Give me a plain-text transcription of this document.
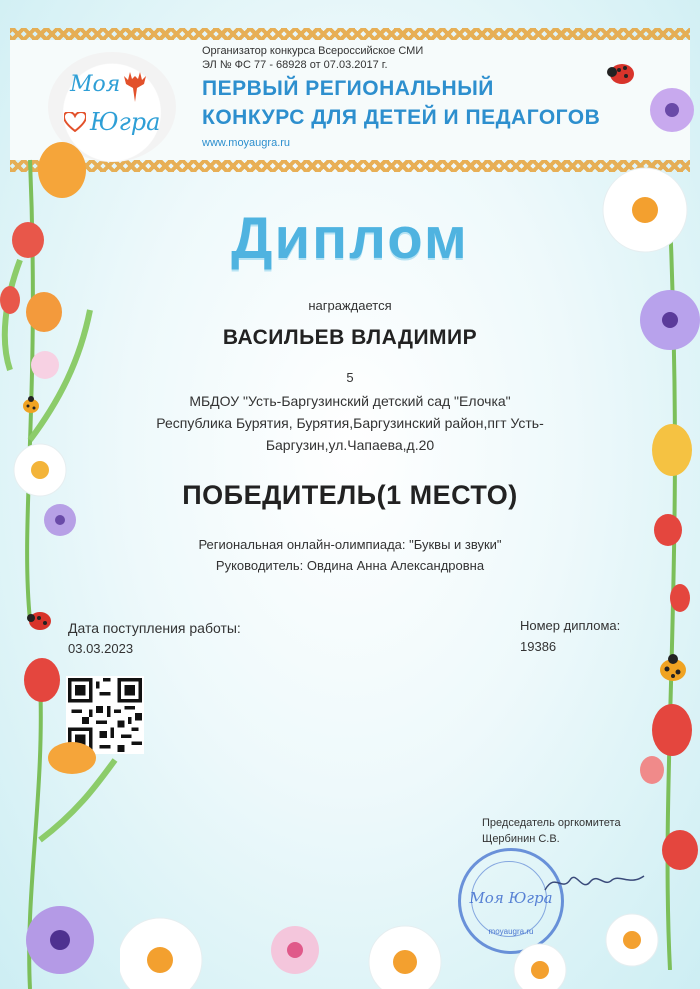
Моя
Югра
Организатор конкурса Всероссийское СМИ
ЭЛ № ФС 77 - 68928 от 07.03.2017 г.
ПЕРВЫЙ РЕГИОНАЛЬНЫЙ
КОНКУРС ДЛЯ ДЕТЕЙ И ПЕДАГОГОВ
www.moyaugra.ru
Диплом
награждается
ВАСИЛЬЕВ ВЛАДИМИР
5
МБДОУ "Усть-Баргузинский детский сад "Елочка"
Республика Бурятия, Бурятия,Баргузинский район,пгт Усть-
Баргузин,ул.Чапаева,д.20
ПОБЕДИТЕЛЬ(1 МЕСТО)
Региональная онлайн-олимпиада: "Буквы и звуки"
Руководитель: Овдина Анна Александровна
Дата поступления работы:
03.03.2023
Номер диплома:
19386
Председатель оргкомитета
Щербинин С.В.
Моя Югра
moyaugra.ru
